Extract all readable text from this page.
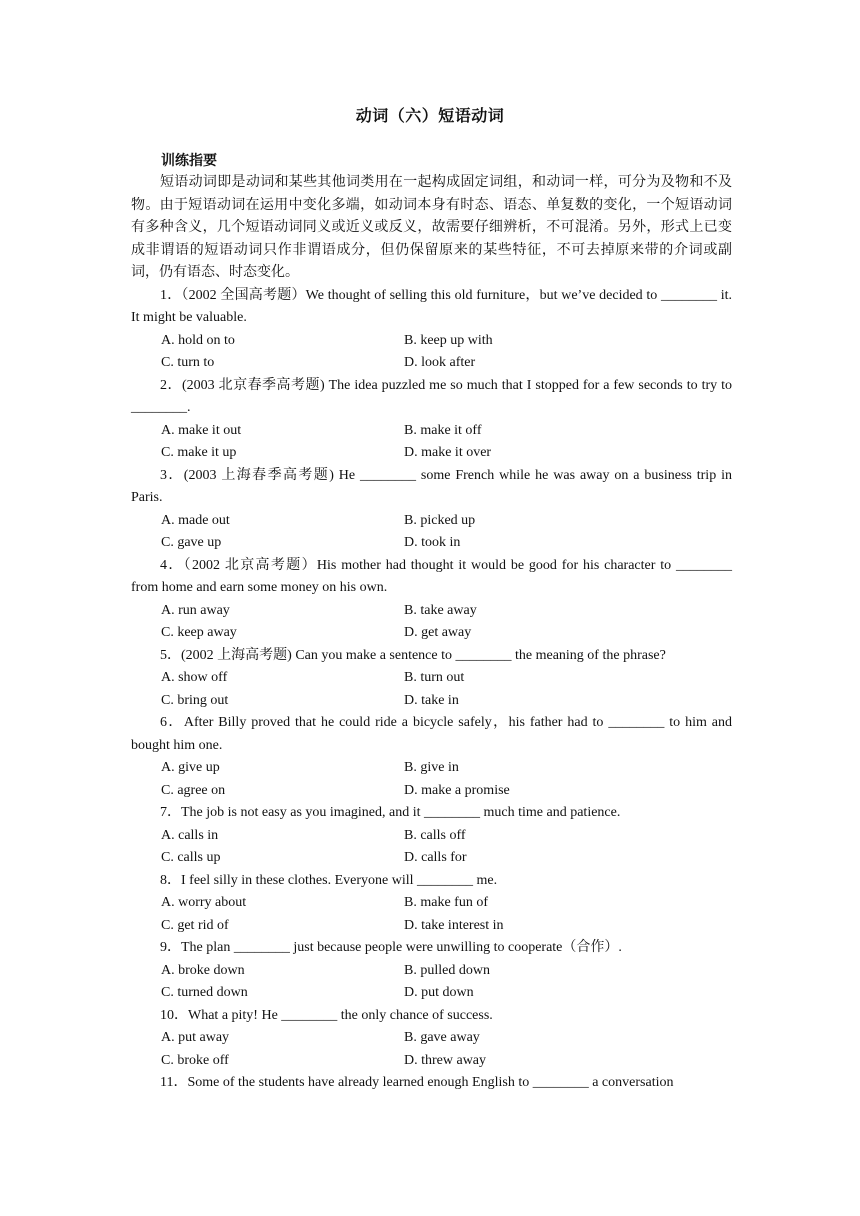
动词（六）短语动词
训练指要

短语动词即是动词和某些其他词类用在一起构成固定词组，和动词一样，可分为及物和不及物。由于短语动词在运用中变化多端，如动词本身有时态、语态、单复数的变化，一个短语动词有多种含义，几个短语动词同义或近义或反义，故需要仔细辨析，不可混淆。另外，形式上已变成非谓语的短语动词只作非谓语成分，但仍保留原来的某些特征，不可去掉原来带的介词或副词，仍有语态、时态变化。

1．（2002 全国高考题）We thought of selling this old furniture，but we’ve decided to ________ it. It might be valuable.

A. hold on to	B. keep up with
C. turn to	D. look after

2．(2003 北京春季高考题) The idea puzzled me so much that I stopped for a few seconds to try to ________.

A. make it out	B. make it off
C. make it up	D. make it over

3．(2003 上海春季高考题) He ________ some French while he was away on a business trip in Paris.

A. made out	B. picked up
C. gave up	D. took in

4．（2002 北京高考题）His mother had thought it would be good for his character to ________ from home and earn some money on his own.

A. run away	B. take away
C. keep away	D. get away

5．(2002 上海高考题) Can you make a sentence to ________ the meaning of the phrase?

A. show off	B. turn out
C. bring out	D. take in

6．After Billy proved that he could ride a bicycle safely，his father had to ________ to him and bought him one.

A. give up	B. give in
C. agree on	D. make a promise

7．The job is not easy as you imagined, and it ________ much time and patience.

A. calls in	B. calls off
C. calls up	D. calls for

8．I feel silly in these clothes. Everyone will ________ me.

A. worry about	B. make fun of
C. get rid of	D. take interest in

9．The plan ________ just because people were unwilling to cooperate（合作）.

A. broke down	B. pulled down
C. turned down	D. put down

10．What a pity! He ________ the only chance of success.

A. put away	B. gave away
C. broke off	D. threw away

11．Some of the students have already learned enough English to ________ a conversation
